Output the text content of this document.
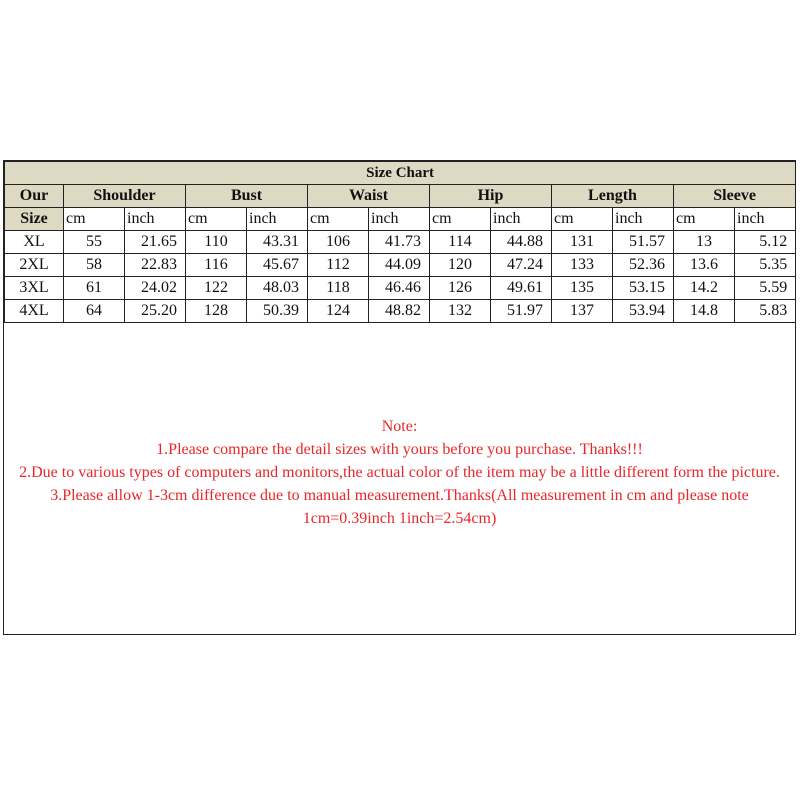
Size Chart												
Our	Shoulder		Bust		Waist		Hip		Length		Sleeve	
Size	cm	inch	cm	inch	cm	inch	cm	inch	cm	inch	cm	inch
XL	55	21.65	110	43.31	106	41.73	114	44.88	131	51.57	13	5.12
2XL	58	22.83	116	45.67	112	44.09	120	47.24	133	52.36	13.6	5.35
3XL	61	24.02	122	48.03	118	46.46	126	49.61	135	53.15	14.2	5.59
4XL	64	25.20	128	50.39	124	48.82	132	51.97	137	53.94	14.8	5.83
Note:
1.Please compare the detail sizes with yours before you purchase. Thanks!!!
2.Due to various types of computers and monitors,the actual color of the item may be a little different form the picture.
3.Please allow 1-3cm difference due to manual measurement.Thanks(All measurement in cm and please note 1cm=0.39inch 1inch=2.54cm)
